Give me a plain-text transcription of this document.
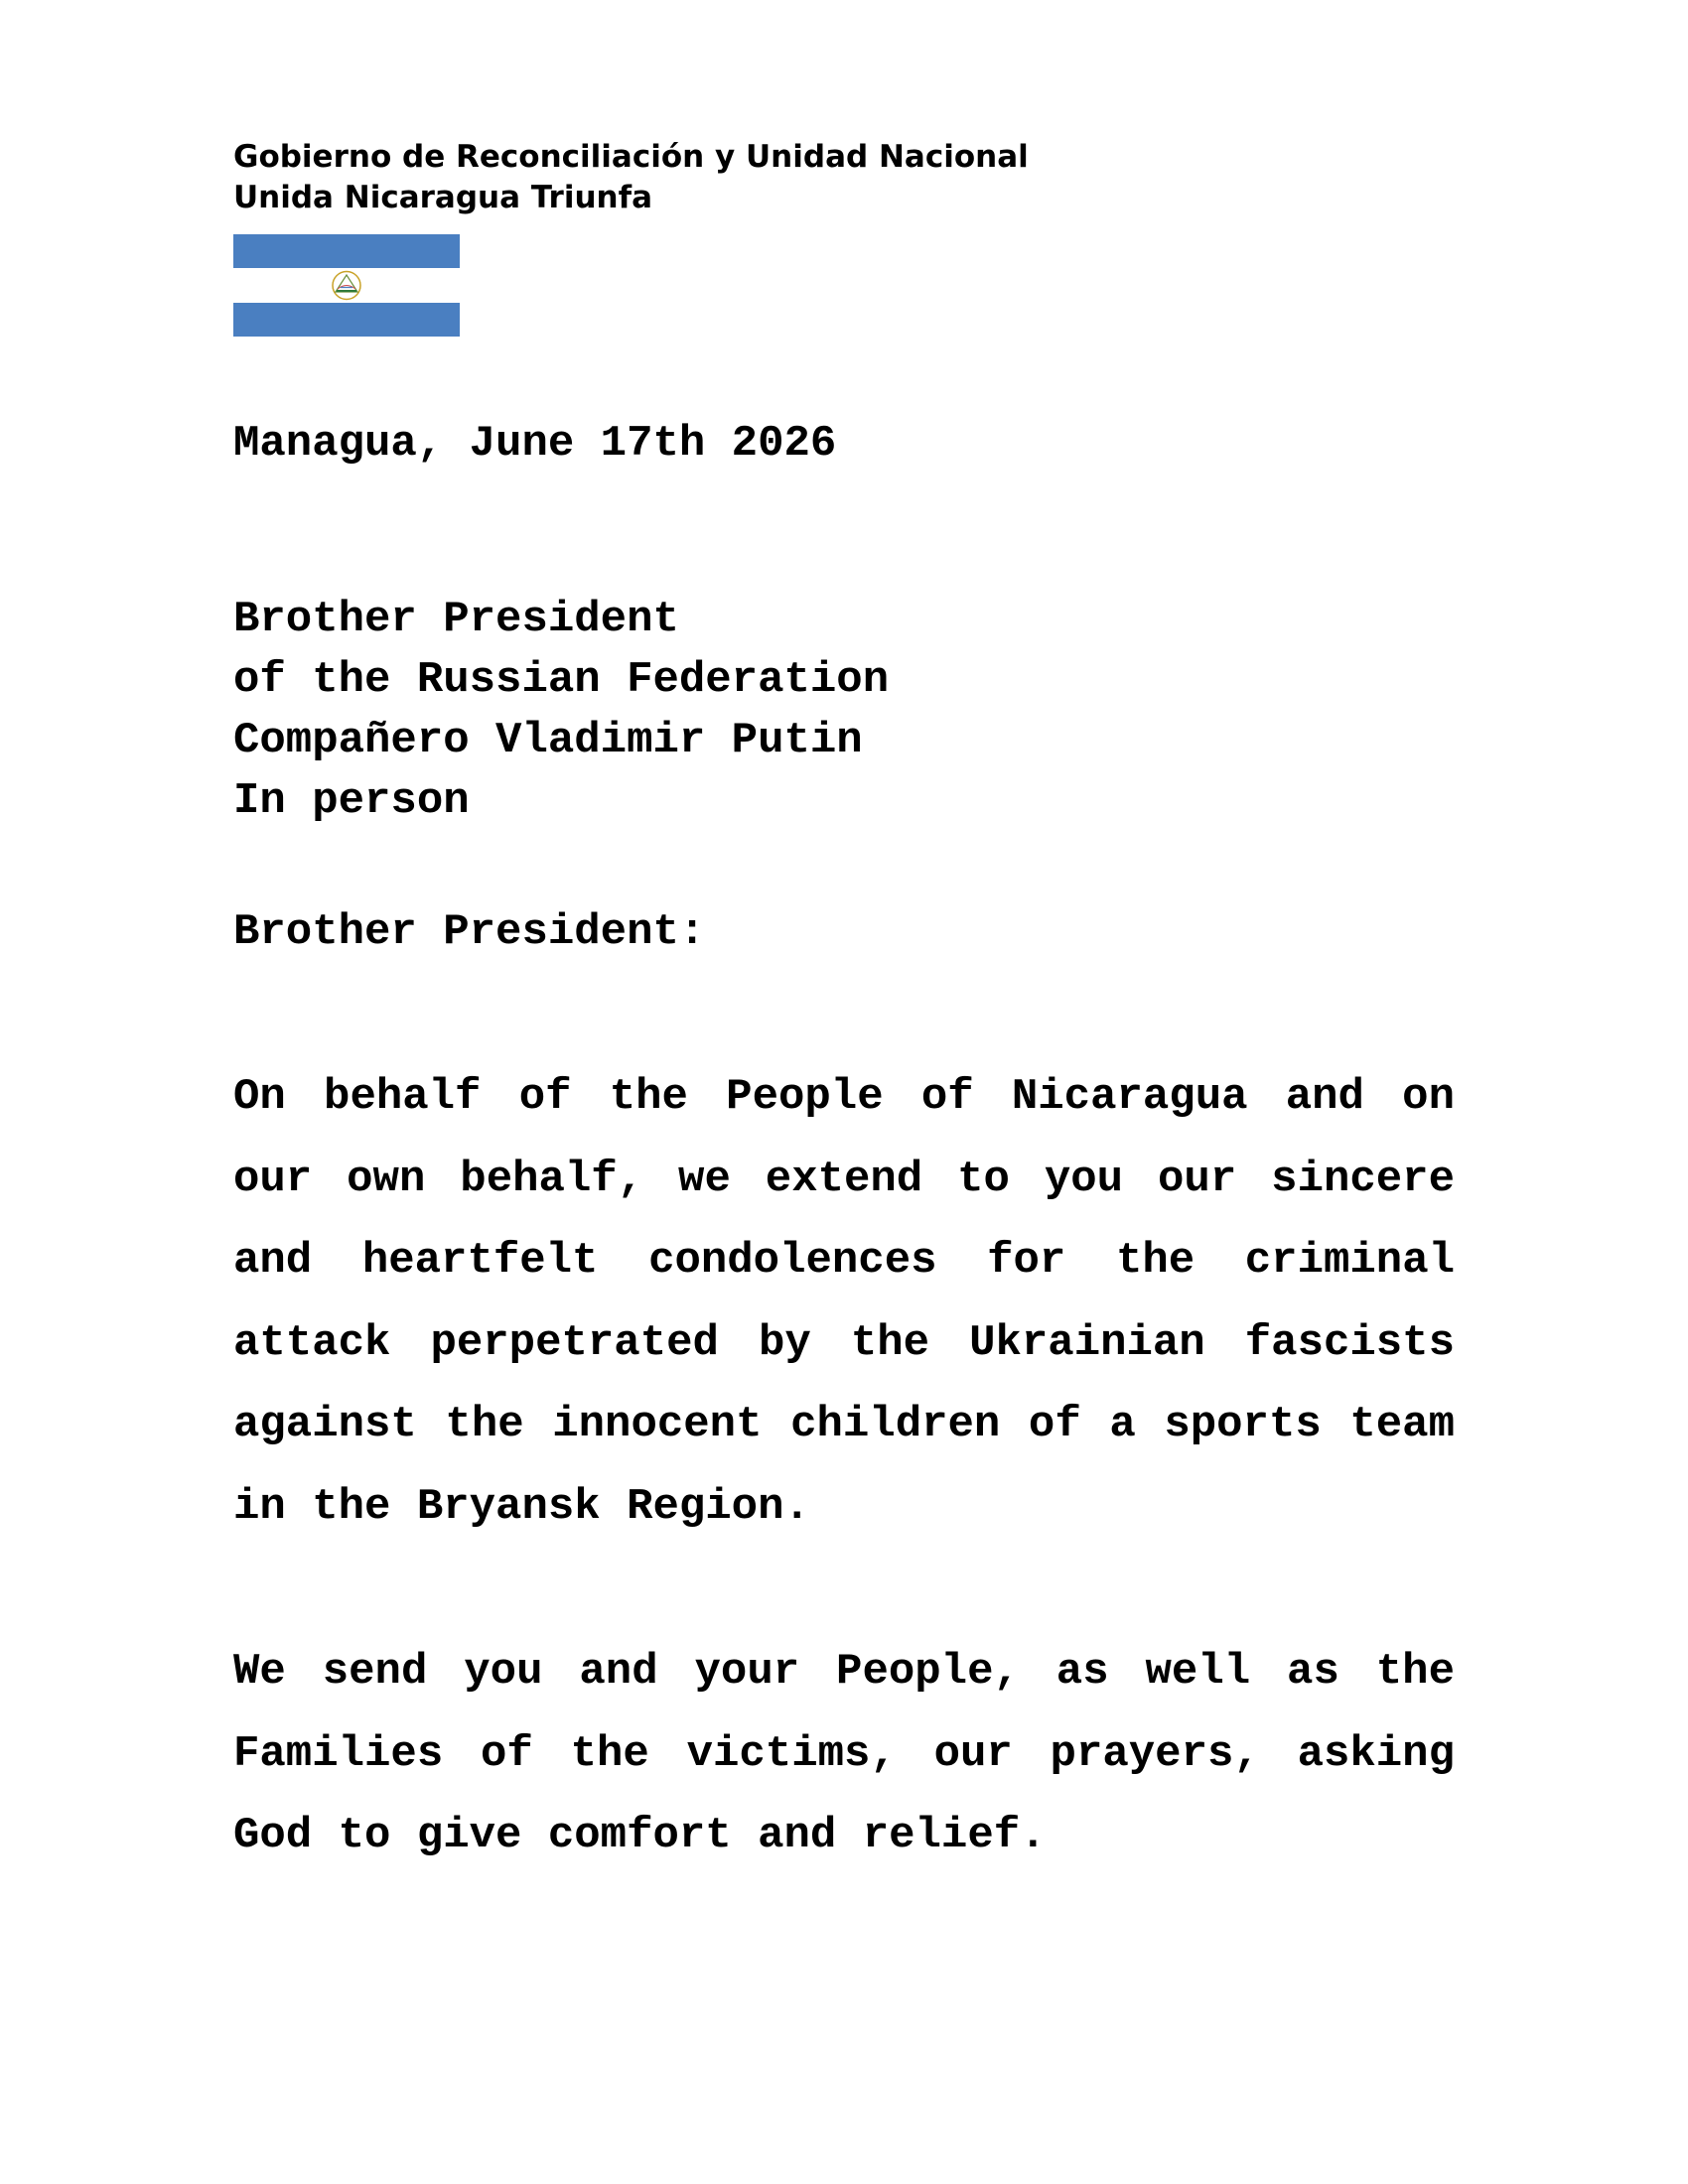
Gobierno de Reconciliación y Unidad Nacional
Unida Nicaragua Triunfa
Managua, June 17th 2026
Brother President
of the Russian Federation
Compañero Vladimir Putin
In person
Brother President:

On behalf of the People of Nicaragua and on our own behalf, we extend to you our sincere and heartfelt condolences for the criminal attack perpetrated by the Ukrainian fascists against the innocent children of a sports team in the Bryansk Region.

We send you and your People, as well as the Families of the victims, our prayers, asking God to give comfort and relief.
